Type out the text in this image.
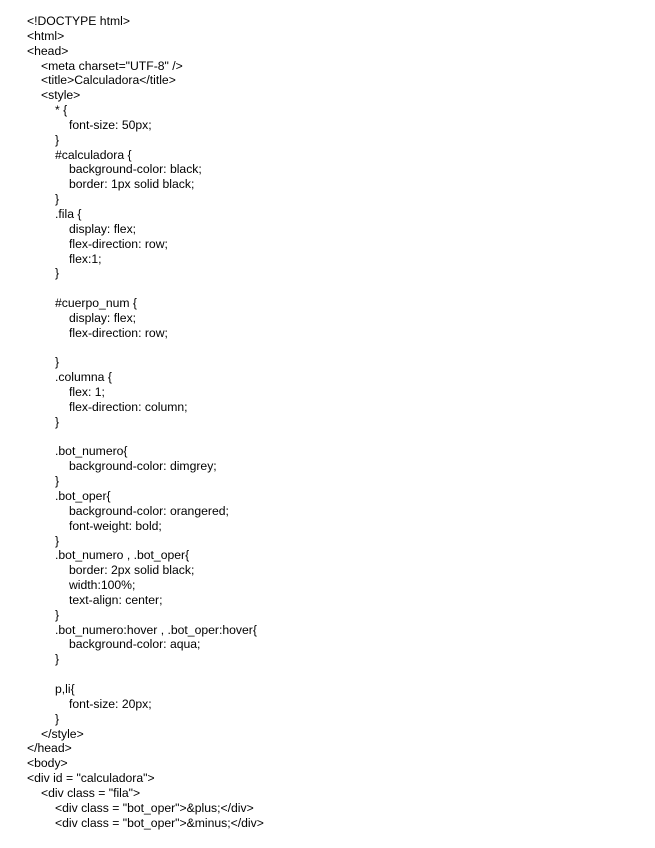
<!DOCTYPE html>
<html>
<head>
<meta charset="UTF-8" />
<title>Calculadora</title>
<style>
* {
font-size: 50px;
}
#calculadora {
background-color: black;
border: 1px solid black;
}
.fila {
display: flex;
flex-direction: row;
flex:1;
}
#cuerpo_num {
display: flex;
flex-direction: row;
}
.columna {
flex: 1;
flex-direction: column;
}
.bot_numero{
background-color: dimgrey;
}
.bot_oper{
background-color: orangered;
font-weight: bold;
}
.bot_numero , .bot_oper{
border: 2px solid black;
width:100%;
text-align: center;
}
.bot_numero:hover , .bot_oper:hover{
background-color: aqua;
}
p,li{
font-size: 20px;
}
</style>
</head>
<body>
<div id = "calculadora">
<div class = "fila">
<div class = "bot_oper">&plus;</div>
<div class = "bot_oper">&minus;</div>
